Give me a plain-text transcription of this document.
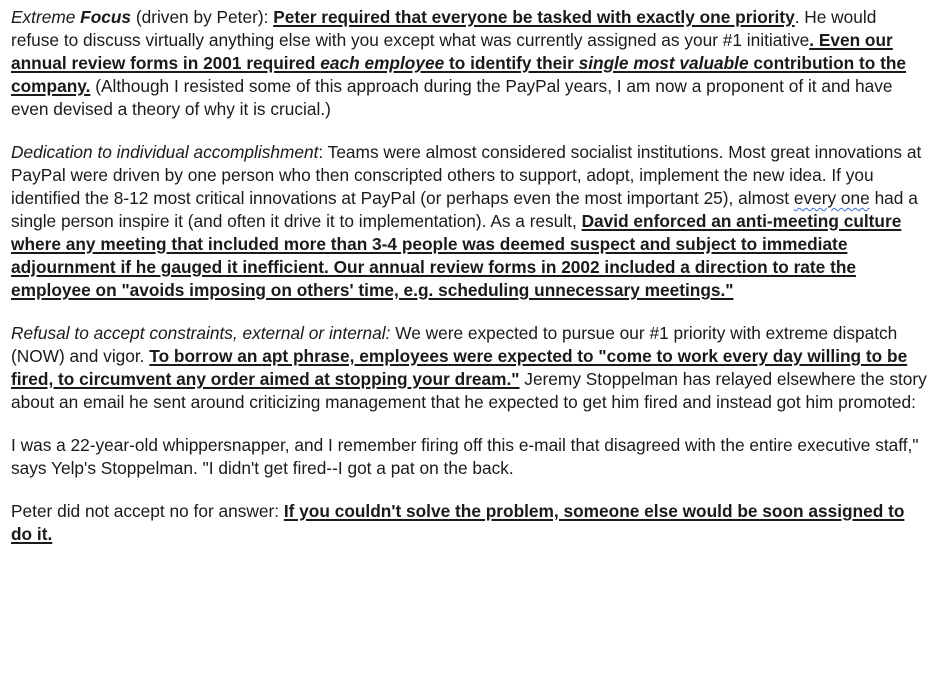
Extreme Focus (driven by Peter): Peter required that everyone be tasked with exactly one priority. He would refuse to discuss virtually anything else with you except what was currently assigned as your #1 initiative. Even our annual review forms in 2001 required each employee to identify their single most valuable contribution to the company. (Although I resisted some of this approach during the PayPal years, I am now a proponent of it and have even devised a theory of why it is crucial.)

Dedication to individual accomplishment: Teams were almost considered socialist institutions. Most great innovations at PayPal were driven by one person who then conscripted others to support, adopt, implement the new idea. If you identified the 8-12 most critical innovations at PayPal (or perhaps even the most important 25), almost every one had a single person inspire it (and often it drive it to implementation). As a result, David enforced an anti-meeting culture where any meeting that included more than 3-4 people was deemed suspect and subject to immediate adjournment if he gauged it inefficient. Our annual review forms in 2002 included a direction to rate the employee on "avoids imposing on others' time, e.g. scheduling unnecessary meetings."

Refusal to accept constraints, external or internal: We were expected to pursue our #1 priority with extreme dispatch (NOW) and vigor. To borrow an apt phrase, employees were expected to "come to work every day willing to be fired, to circumvent any order aimed at stopping your dream." Jeremy Stoppelman has relayed elsewhere the story about an email he sent around criticizing management that he expected to get him fired and instead got him promoted:

I was a 22-year-old whippersnapper, and I remember firing off this e-mail that disagreed with the entire executive staff," says Yelp's Stoppelman. "I didn't get fired--I got a pat on the back.

Peter did not accept no for answer: If you couldn't solve the problem, someone else would be soon assigned to do it.
